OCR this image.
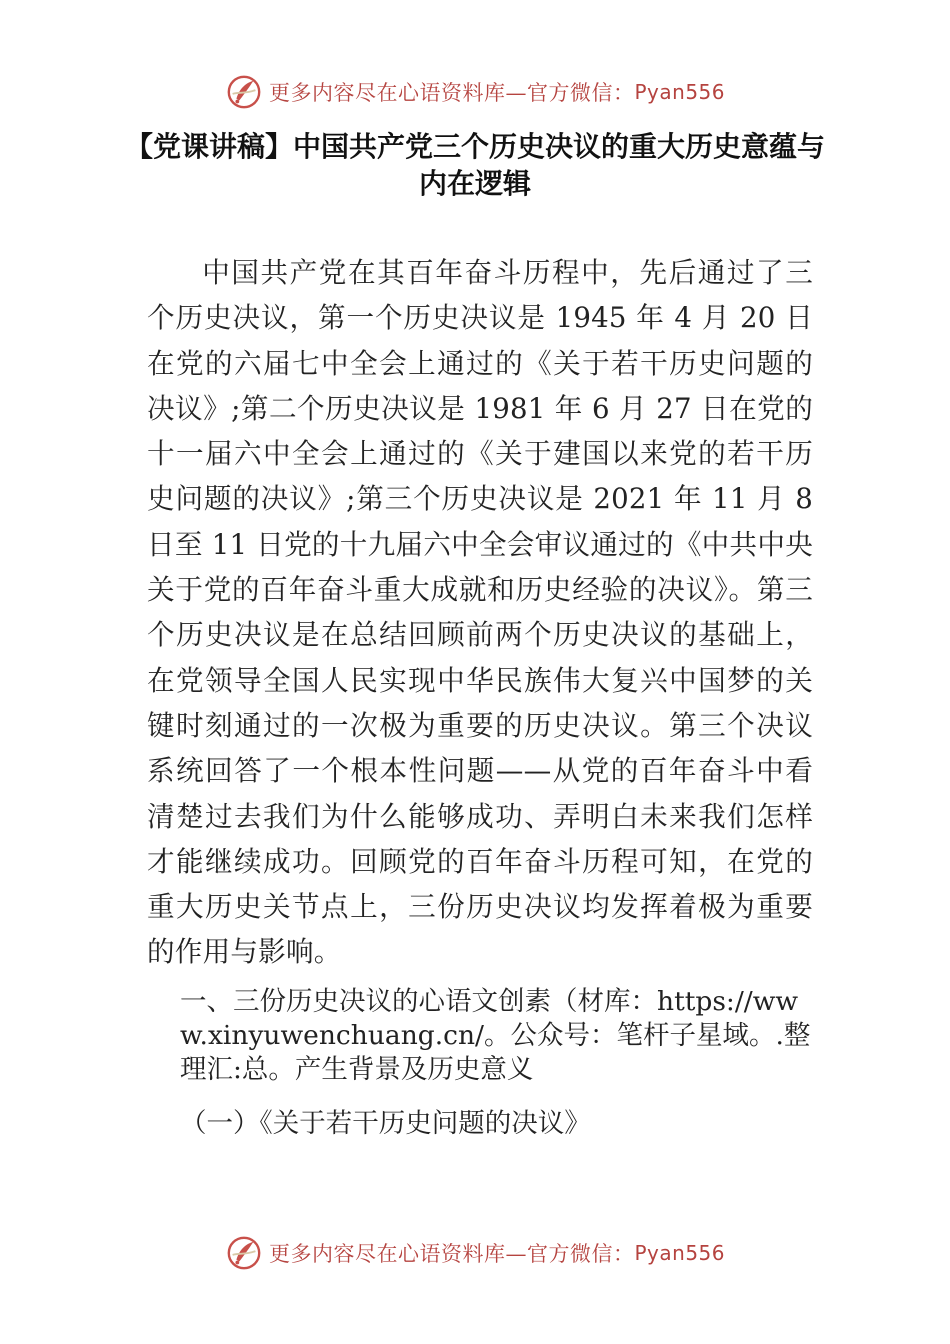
更多内容尽在心语资料库—官方微信： Pyan556
【党课讲稿】中国共产党三个历史决议的重大历史意蕴与内在逻辑

中国共产党在其百年奋斗历程中，先后通过了三个历史决议，第一个历史决议是 1945 年 4 月 20 日在党的六届七中全会上通过的《关于若干历史问题的决议》;第二个历史决议是 1981 年 6 月 27 日在党的十一届六中全会上通过的《关于建国以来党的若干历史问题的决议》;第三个历史决议是 2021 年 11 月 8 日至 11 日党的十九届六中全会审议通过的《中共中央关于党的百年奋斗重大成就和历史经验的决议》。第三个历史决议是在总结回顾前两个历史决议的基础上，在党领导全国人民实现中华民族伟大复兴中国梦的关键时刻通过的一次极为重要的历史决议。第三个决议系统回答了一个根本性问题——从党的百年奋斗中看清楚过去我们为什么能够成功、弄明白未来我们怎样才能继续成功。回顾党的百年奋斗历程可知，在党的重大历史关节点上，三份历史决议均发挥着极为重要的作用与影响。

一、三份历史决议的心语文创素（材库：https://www.xinyuwenchuang.cn/。公众号：笔杆子星域。.整理汇:总。产生背景及历史意义

（一）《关于若干历史问题的决议》

更多内容尽在心语资料库—官方微信： Pyan556
